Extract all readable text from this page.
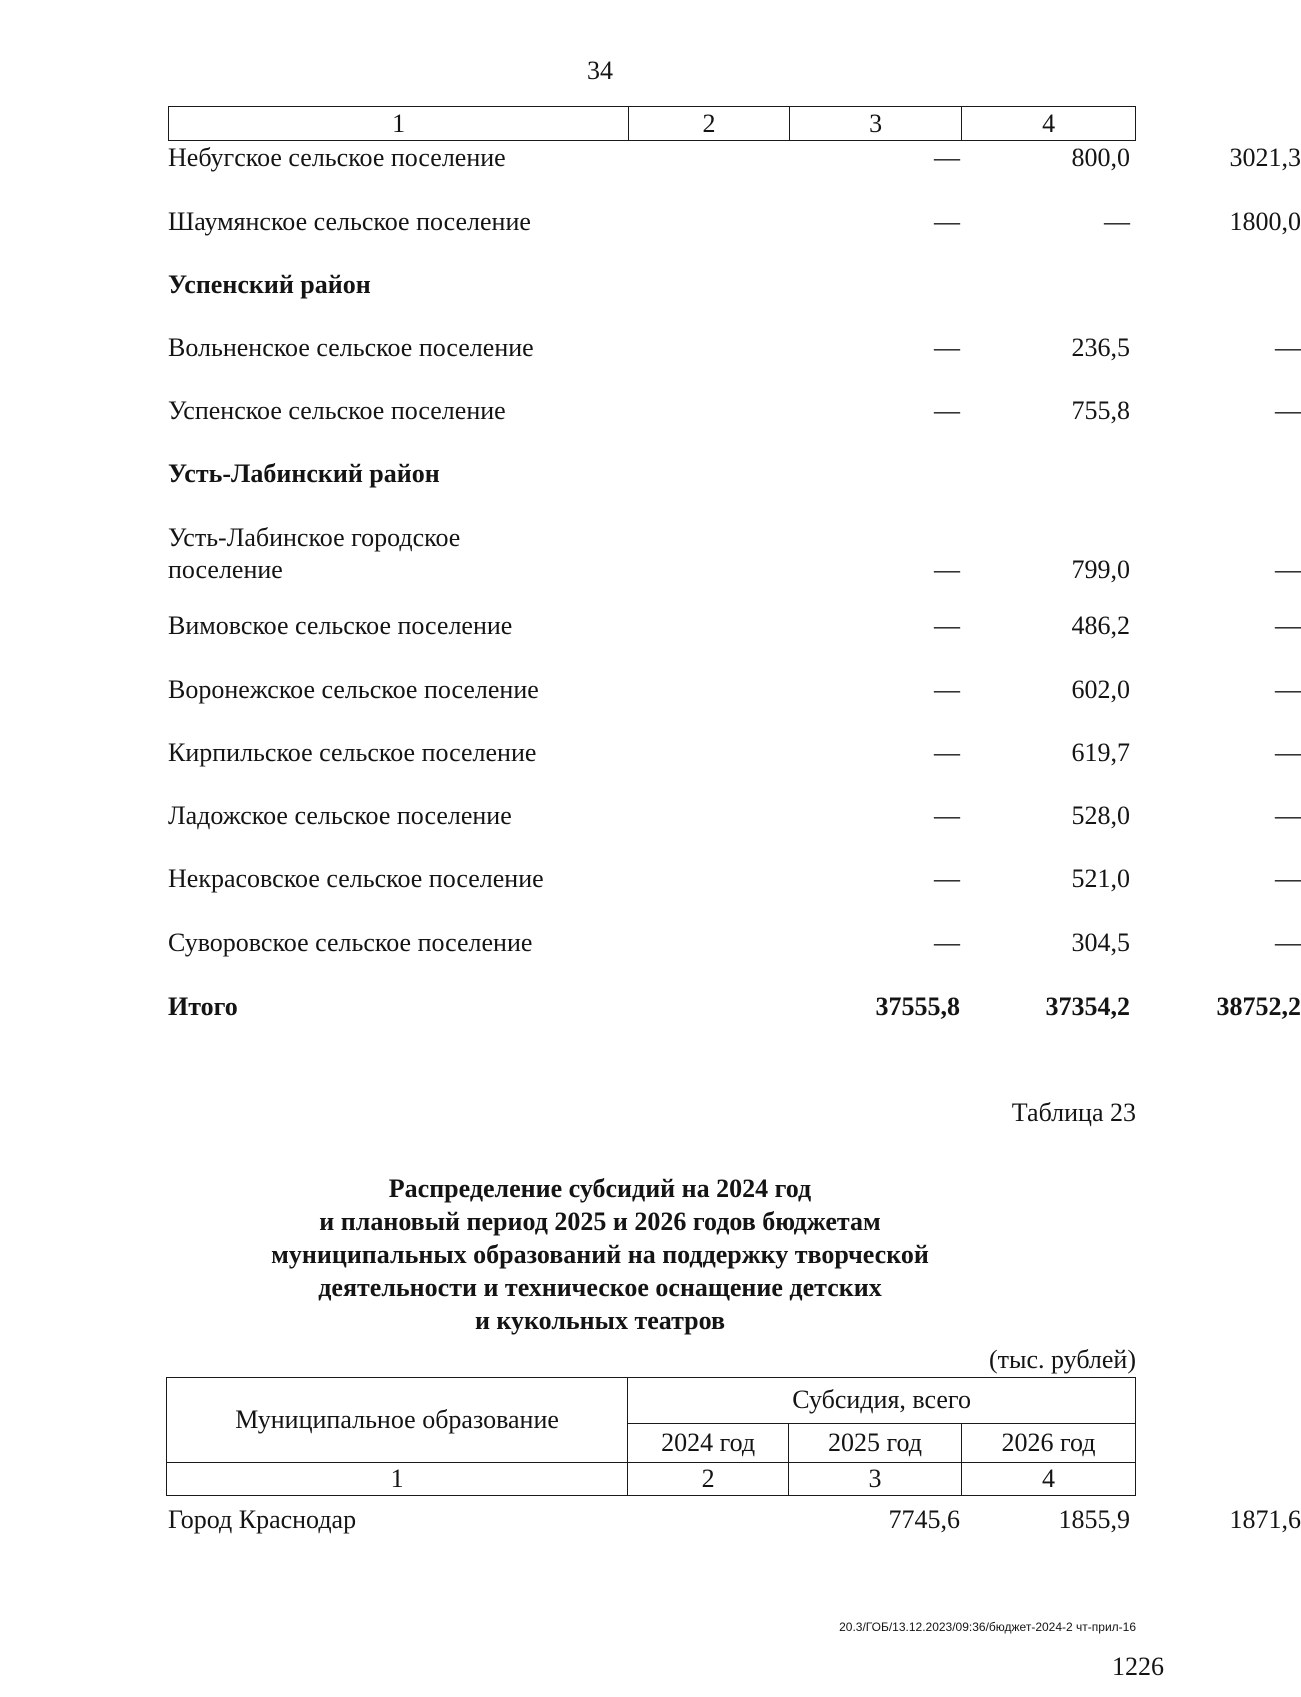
34
1	2	3	4
Небугское сельское поселение	—	800,0	3021,3
Шаумянское сельское поселение	—	—	1800,0
Успенский район
Вольненское сельское поселение	—	236,5	—
Успенское сельское поселение	—	755,8	—
Усть-Лабинский район
Усть-Лабинское городское поселение	—	799,0	—
Вимовское сельское поселение	—	486,2	—
Воронежское сельское поселение	—	602,0	—
Кирпильское сельское поселение	—	619,7	—
Ладожское сельское поселение	—	528,0	—
Некрасовское сельское поселение	—	521,0	—
Суворовское сельское поселение	—	304,5	—
Итого	37555,8	37354,2	38752,2
Таблица 23
Распределение субсидий на 2024 год
и плановый период 2025 и 2026 годов бюджетам
муниципальных образований на поддержку творческой
деятельности и техническое оснащение детских
и кукольных театров
(тыс. рублей)
Муниципальное образование	Субсидия, всего		
	2024 год	2025 год	2026 год
1	2	3	4
Город Краснодар	7745,6	1855,9	1871,6
20.3/ГОБ/13.12.2023/09:36/бюджет-2024-2 чт-прил-16
1226
